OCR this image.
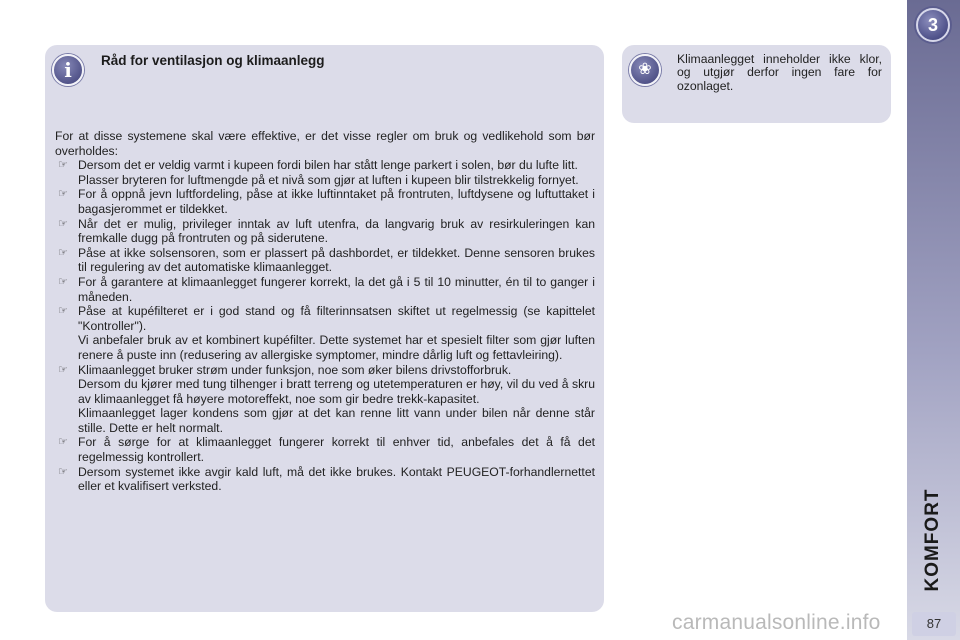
3
KOMFORT
87
i	Råd for ventilasjon og klimaanlegg

For at disse systemene skal være effektive, er det visse regler om bruk og vedlikehold som bør overholdes:

☞ Dersom det er veldig varmt i kupeen fordi bilen har stått lenge parkert i solen, bør du lufte litt.
Plasser bryteren for luftmengde på et nivå som gjør at luften i kupeen blir tilstrekkelig fornyet.
☞ For å oppnå jevn luftfordeling, påse at ikke luftinntaket på frontruten, luftdysene og luftuttaket i bagasjerommet er tildekket.
☞ Når det er mulig, privileger inntak av luft utenfra, da langvarig bruk av resirkuleringen kan fremkalle dugg på frontruten og på siderutene.
☞ Påse at ikke solsensoren, som er plassert på dashbordet, er tildekket. Denne sensoren brukes til regulering av det automatiske klimaanlegget.
☞ For å garantere at klimaanlegget fungerer korrekt, la det gå i 5 til 10 minutter, én til to ganger i måneden.
☞ Påse at kupéfilteret er i god stand og få filterinnsatsen skiftet ut regelmessig (se kapittelet "Kontroller").
Vi anbefaler bruk av et kombinert kupéfilter. Dette systemet har et spesielt filter som gjør luften renere å puste inn (redusering av allergiske symptomer, mindre dårlig luft og fettavleiring).
☞ Klimaanlegget bruker strøm under funksjon, noe som øker bilens drivstofforbruk.
Dersom du kjører med tung tilhenger i bratt terreng og utetemperaturen er høy, vil du ved å skru av klimaanlegget få høyere motoreffekt, noe som gir bedre trekk-kapasitet.
Klimaanlegget lager kondens som gjør at det kan renne litt vann under bilen når denne står stille. Dette er helt normalt.
☞ For å sørge for at klimaanlegget fungerer korrekt til enhver tid, anbefales det å få det regelmessig kontrollert.
☞ Dersom systemet ikke avgir kald luft, må det ikke brukes. Kontakt PEUGEOT-forhandlernettet eller et kvalifisert verksted.
❀
Klimaanlegget inneholder ikke klor, og utgjør derfor ingen fare for ozonlaget.
carmanualsonline.info
